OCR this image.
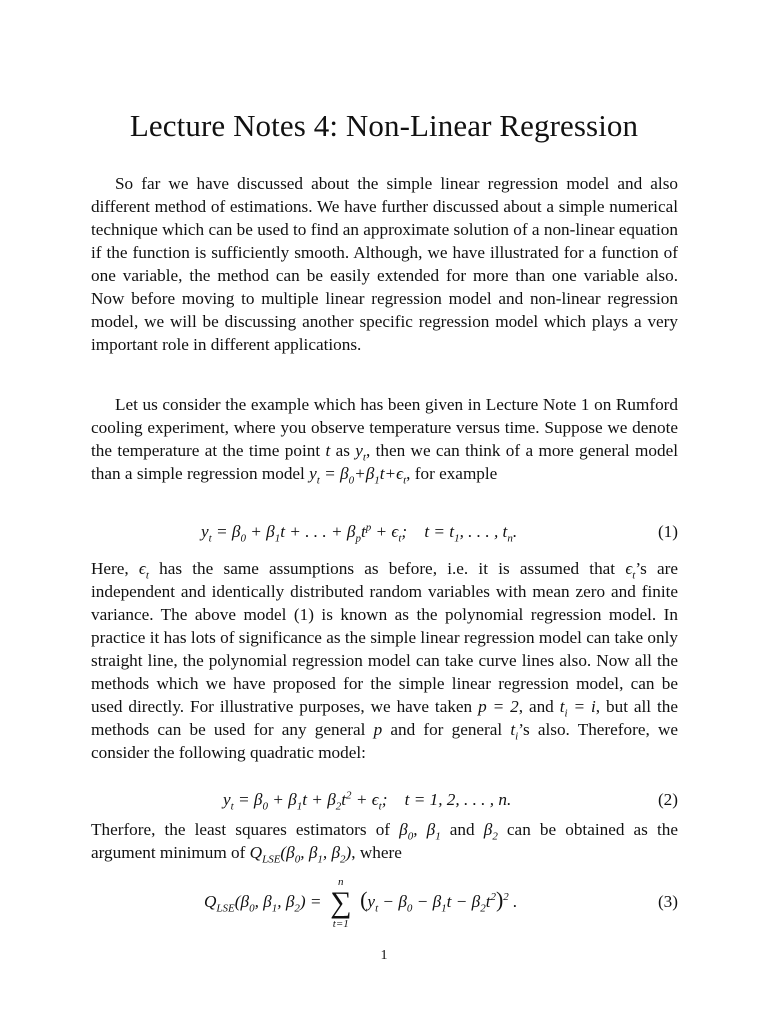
Lecture Notes 4: Non-Linear Regression

So far we have discussed about the simple linear regression model and also different method of estimations. We have further discussed about a simple numerical technique which can be used to find an approximate solution of a non-linear equation if the function is sufficiently smooth. Although, we have illustrated for a function of one variable, the method can be easily extended for more than one variable also. Now before moving to multiple linear regression model and non-linear regression model, we will be discussing another specific regression model which plays a very important role in different applications.

Let us consider the example which has been given in Lecture Note 1 on Rumford cooling experiment, where you observe temperature versus time. Suppose we denote the temperature at the time point t as $y_t$, then we can think of a more general model than a simple regression model $y_t = \beta_0+\beta_1t+\epsilon_t$, for example

$y_t = \beta_0 + \beta_1t$ + . . . + $\beta_pt^p + \epsilon_t$;    $t = t_1$, . . . , $t_n$.	(1)

Here, $\epsilon_t$ has the same assumptions as before, i.e. it is assumed that $\epsilon_t’s$ are independent and identically distributed random variables with mean zero and finite variance. The above model (1) is known as the polynomial regression model. In practice it has lots of significance as the simple linear regression model can take only straight line, the polynomial regression model can take curve lines also. Now all the methods which we have proposed for the simple linear regression model, can be used directly. For illustrative purposes, we have taken p = 2, and $t_i = i$, but all the methods can be used for any general p and for general $t_i’s$ also. Therefore, we consider the following quadratic model:

$y_t = \beta_0 + \beta_1t + \beta_2t^2 + \epsilon_t$;    t = 1, 2, . . . , n.	(2)

Therfore, the least squares estimators of $\beta_0$, $\beta_1$ and $\beta_2$ can be obtained as the argument minimum of $Q_{LSE}(\beta_0$, $\beta_1$, $\beta_2$), where

$Q_{LSE}(\beta_0$, $\beta_1$, $\beta_2$) =
n
∑
t=1
$(y_t - \beta_0 - \beta_1t - \beta_2t^2)^2$ .	(3)
1
